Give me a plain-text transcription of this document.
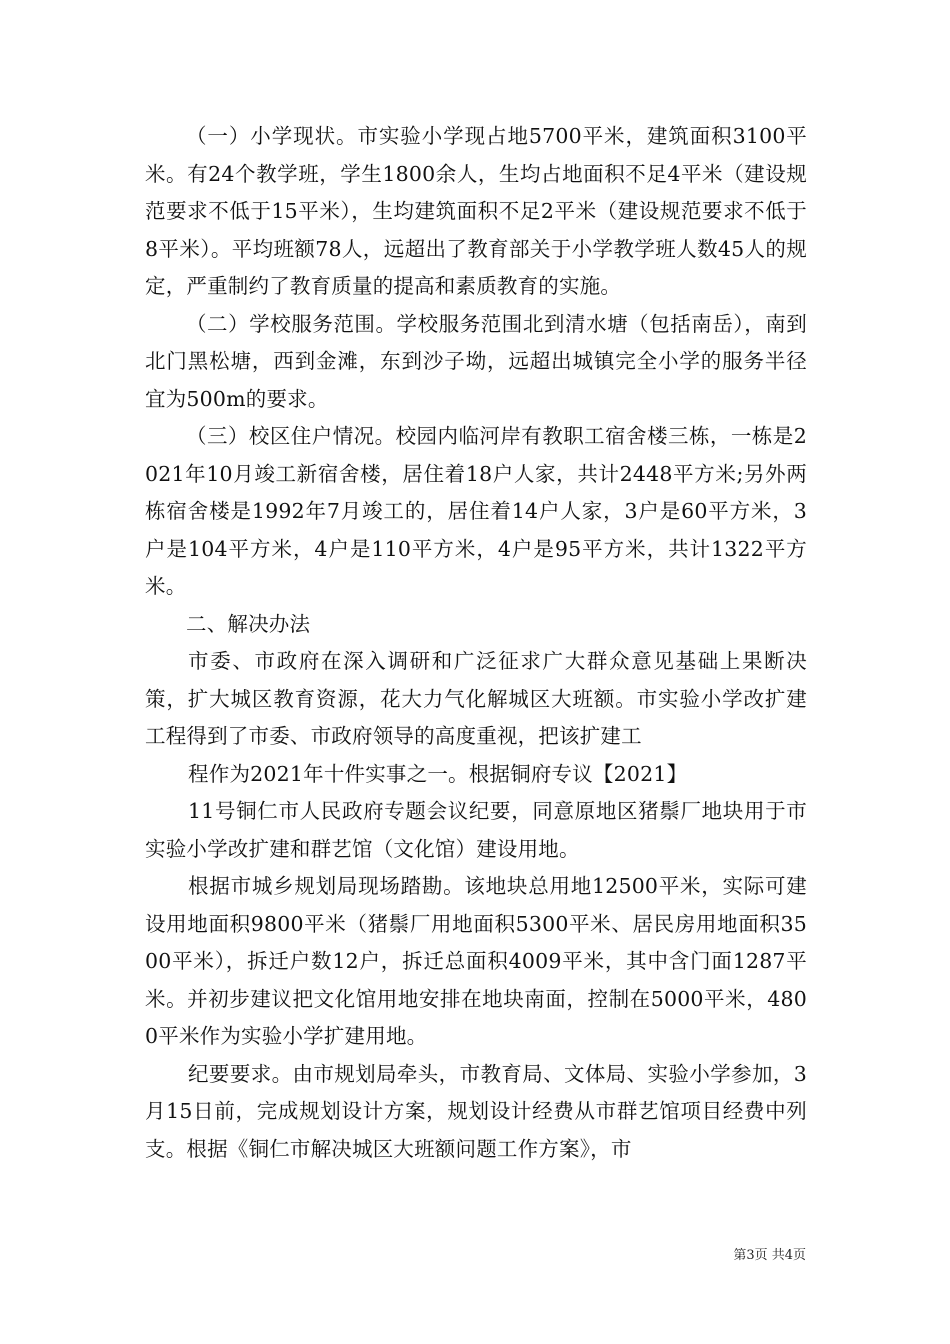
（一）小学现状。市实验小学现占地5700平米，建筑面积3100平米。有24个教学班，学生1800余人，生均占地面积不足4平米（建设规范要求不低于15平米），生均建筑面积不足2平米（建设规范要求不低于8平米）。平均班额78人，远超出了教育部关于小学教学班人数45人的规定，严重制约了教育质量的提高和素质教育的实施。

（二）学校服务范围。学校服务范围北到清水塘（包括南岳），南到北门黑松塘，西到金滩，东到沙子坳，远超出城镇完全小学的服务半径宜为500m的要求。

（三）校区住户情况。校园内临河岸有教职工宿舍楼三栋，一栋是2021年10月竣工新宿舍楼，居住着18户人家，共计2448平方米;另外两栋宿舍楼是1992年7月竣工的，居住着14户人家，3户是60平方米，3户是104平方米，4户是110平方米，4户是95平方米，共计1322平方米。

二、解决办法

市委、市政府在深入调研和广泛征求广大群众意见基础上果断决策，扩大城区教育资源，花大力气化解城区大班额。市实验小学改扩建工程得到了市委、市政府领导的高度重视，把该扩建工

程作为2021年十件实事之一。根据铜府专议【2021】

11号铜仁市人民政府专题会议纪要，同意原地区猪鬃厂地块用于市实验小学改扩建和群艺馆（文化馆）建设用地。

根据市城乡规划局现场踏勘。该地块总用地12500平米，实际可建设用地面积9800平米（猪鬃厂用地面积5300平米、居民房用地面积3500平米），拆迁户数12户，拆迁总面积4009平米，其中含门面1287平米。并初步建议把文化馆用地安排在地块南面，控制在5000平米，4800平米作为实验小学扩建用地。

纪要要求。由市规划局牵头，市教育局、文体局、实验小学参加，3月15日前，完成规划设计方案，规划设计经费从市群艺馆项目经费中列支。根据《铜仁市解决城区大班额问题工作方案》，市

第3页 共4页
